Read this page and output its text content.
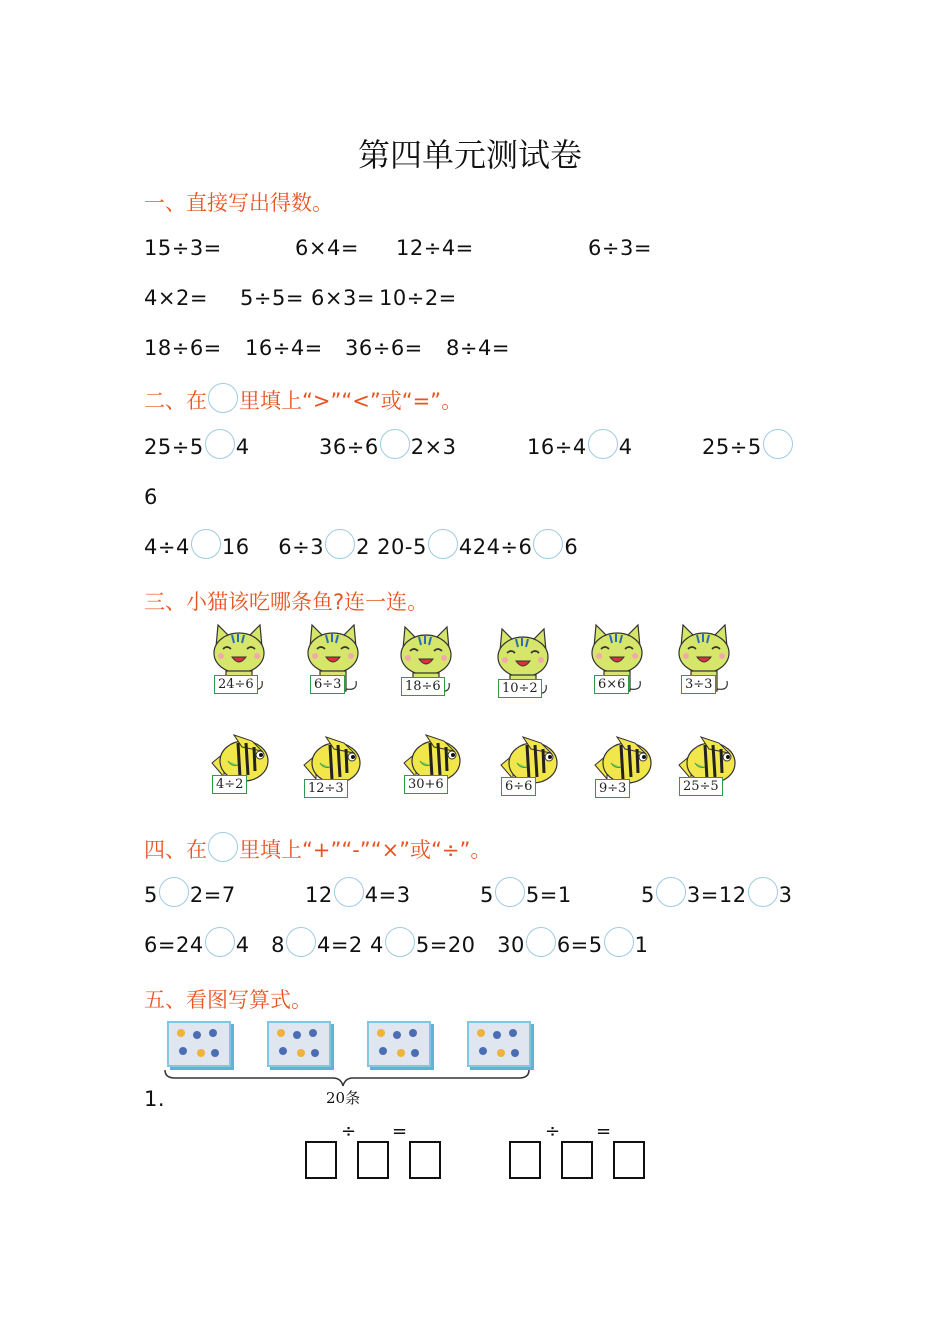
第四单元测试卷
一、直接写出得数。
15÷3=	6×4= 12÷4=	6÷3=
4×2= 5÷5= 6×3= 10÷2=
18÷6= 16÷4= 36÷6= 8÷4=
二、在 里填上“>”“<”或“=”。
25÷5 4	36÷6 2×3	16÷4 4	25÷5
6
4÷4 16 6÷3 2 20-5 424÷6 6
三、小猫该吃哪条鱼?连一连。
24÷6	6÷3	18÷6	10÷2	6×6	3÷3
4÷2	12÷3	30+6	6÷6	9÷3	25÷5
四、在 里填上“+”“-”“×”或“÷”。
5 2=7	12 4=3	5 5=1	5 3=12 3
6=24 4 8 4=2 4 5=20 30 6=5 1
五、看图写算式。
20条
1.
÷ =	÷ =
